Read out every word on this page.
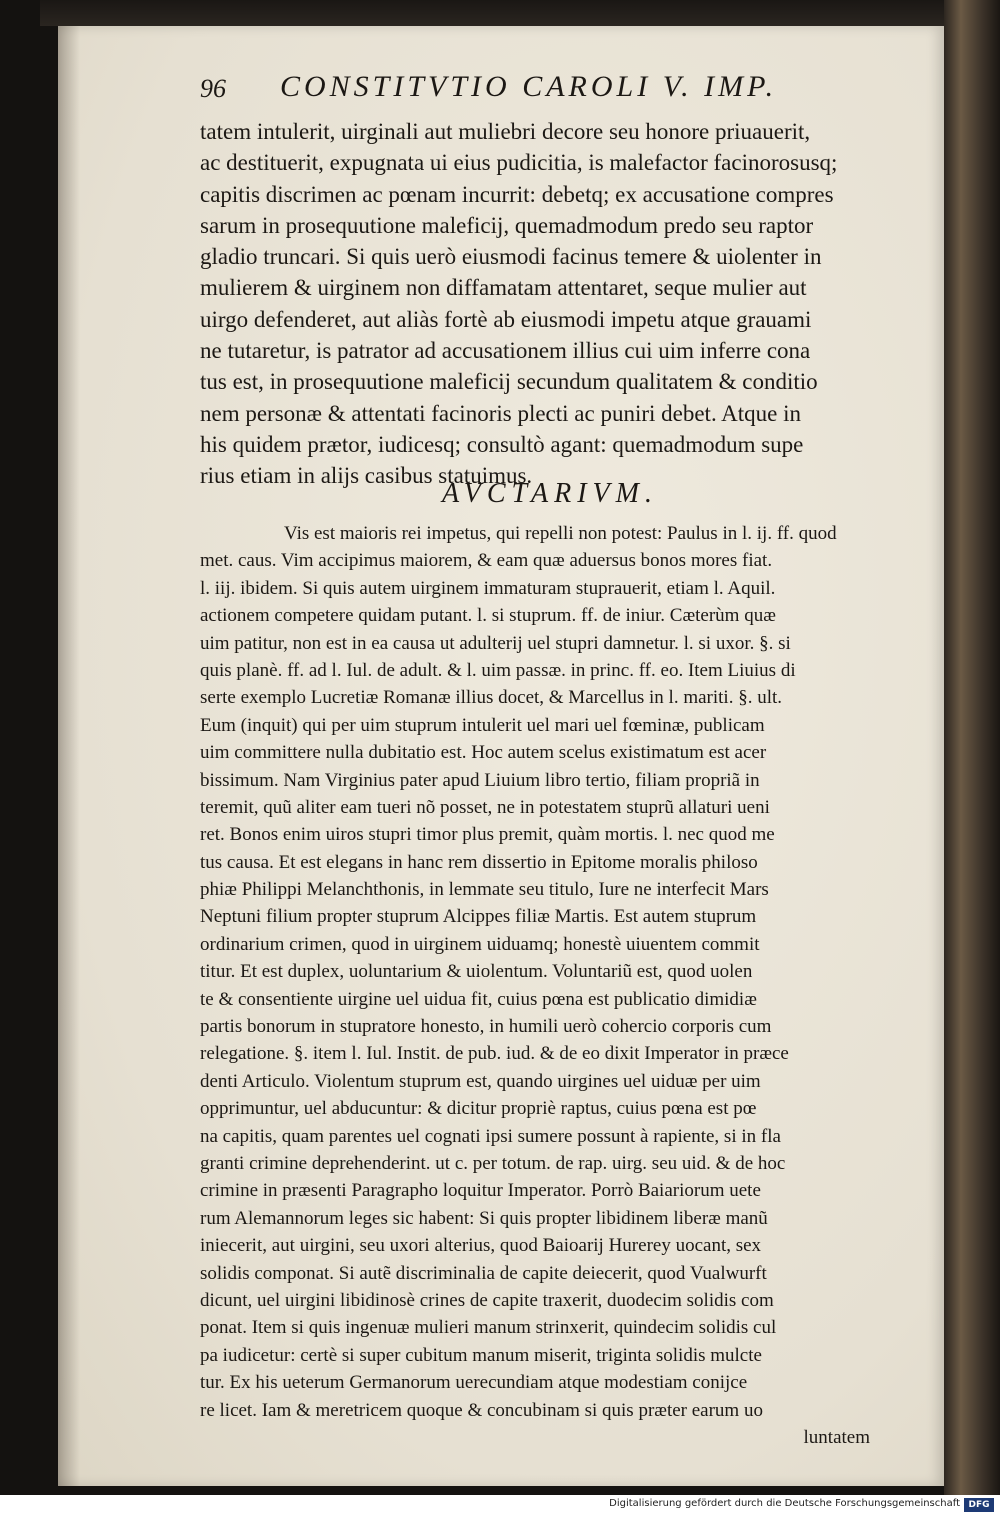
96 CONSTITVTIO CAROLI V. IMP.
tatem intulerit, uirginali aut muliebri decore seu honore priuauerit,
ac destituerit, expugnata ui eius pudicitia, is malefactor facinorosusq;
capitis discrimen ac pœnam incurrit: debetq; ex accusatione compres
sarum in prosequutione maleficij, quemadmodum predo seu raptor
gladio truncari. Si quis uerò eiusmodi facinus temere & uiolenter in
mulierem & uirginem non diffamatam attentaret, seque mulier aut
uirgo defenderet, aut aliàs fortè ab eiusmodi impetu atque grauami
ne tutaretur, is patrator ad accusationem illius cui uim inferre cona
tus est, in prosequutione maleficij secundum qualitatem & conditio
nem personæ & attentati facinoris plecti ac puniri debet. Atque in
his quidem prætor, iudicesq; consultò agant: quemadmodum supe
rius etiam in alijs casibus statuimus.
AVCTARIVM.
Vis est maioris rei impetus, qui repelli non potest: Paulus in l. ij. ff. quod
met. caus. Vim accipimus maiorem, & eam quæ aduersus bonos mores fiat.
l. iij. ibidem. Si quis autem uirginem immaturam stuprauerit, etiam l. Aquil.
actionem competere quidam putant. l. si stuprum. ff. de iniur. Cæterùm quæ
uim patitur, non est in ea causa ut adulterij uel stupri damnetur. l. si uxor. §. si
quis planè. ff. ad l. Iul. de adult. & l. uim passæ. in princ. ff. eo. Item Liuius di
serte exemplo Lucretiæ Romanæ illius docet, & Marcellus in l. mariti. §. ult.
Eum (inquit) qui per uim stuprum intulerit uel mari uel fœminæ, publicam
uim committere nulla dubitatio est. Hoc autem scelus existimatum est acer
bissimum. Nam Virginius pater apud Liuium libro tertio, filiam propriã in
teremit, quũ aliter eam tueri nõ posset, ne in potestatem stuprũ allaturi ueni
ret. Bonos enim uiros stupri timor plus premit, quàm mortis. l. nec quod me
tus causa. Et est elegans in hanc rem dissertio in Epitome moralis philoso
phiæ Philippi Melanchthonis, in lemmate seu titulo, Iure ne interfecit Mars
Neptuni filium propter stuprum Alcippes filiæ Martis. Est autem stuprum
ordinarium crimen, quod in uirginem uiduamq; honestè uiuentem commit
titur. Et est duplex, uoluntarium & uiolentum. Voluntariũ est, quod uolen
te & consentiente uirgine uel uidua fit, cuius pœna est publicatio dimidiæ
partis bonorum in stupratore honesto, in humili uerò cohercio corporis cum
relegatione. §. item l. Iul. Instit. de pub. iud. & de eo dixit Imperator in præce
denti Articulo. Violentum stuprum est, quando uirgines uel uiduæ per uim
opprimuntur, uel abducuntur: & dicitur propriè raptus, cuius pœna est pœ
na capitis, quam parentes uel cognati ipsi sumere possunt à rapiente, si in fla
granti crimine deprehenderint. ut c. per totum. de rap. uirg. seu uid. & de hoc
crimine in præsenti Paragrapho loquitur Imperator. Porrò Baiariorum uete
rum Alemannorum leges sic habent: Si quis propter libidinem liberæ manũ
iniecerit, aut uirgini, seu uxori alterius, quod Baioarij Hurerey uocant, sex
solidis componat. Si autẽ discriminalia de capite deiecerit, quod Vualwurft
dicunt, uel uirgini libidinosè crines de capite traxerit, duodecim solidis com
ponat. Item si quis ingenuæ mulieri manum strinxerit, quindecim solidis cul
pa iudicetur: certè si super cubitum manum miserit, triginta solidis mulcte
tur. Ex his ueterum Germanorum uerecundiam atque modestiam conijce
re licet. Iam & meretricem quoque & concubinam si quis præter earum uo
luntatem
Digitalisierung gefördert durch die Deutsche Forschungsgemeinschaft DFG
